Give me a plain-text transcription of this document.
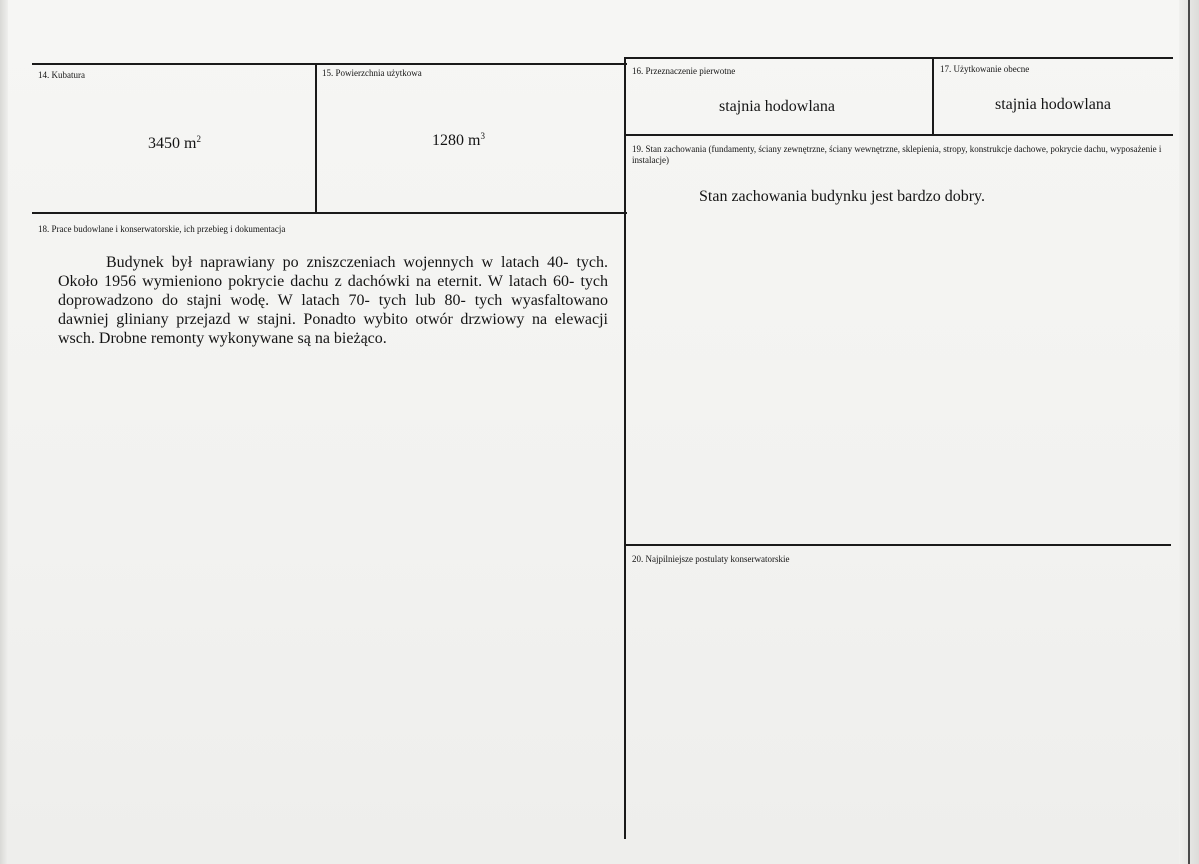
14. Kubatura
3450 $m^2$
15. Powierzchnia użytkowa
1280 $m^3$
16. Przeznaczenie pierwotne
stajnia hodowlana
17. Użytkowanie obecne
stajnia hodowlana
19. Stan zachowania (fundamenty, ściany zewnętrzne, ściany wewnętrzne, sklepienia, stropy, konstrukcje dachowe, pokrycie dachu, wyposażenie i instalacje)
Stan zachowania budynku jest bardzo dobry.
18. Prace budowlane i konserwatorskie, ich przebieg i dokumentacja
Budynek był naprawiany po zniszczeniach wojennych w latach 40- tych. Około 1956 wymieniono pokrycie dachu z dachówki na eternit. W latach 60- tych doprowadzono do stajni wodę. W latach 70- tych lub 80- tych wyasfaltowano dawniej gliniany przejazd w stajni. Ponadto wybito otwór drzwiowy na elewacji wsch. Drobne remonty wykonywane są na bieżąco.
20. Najpilniejsze postulaty konserwatorskie
